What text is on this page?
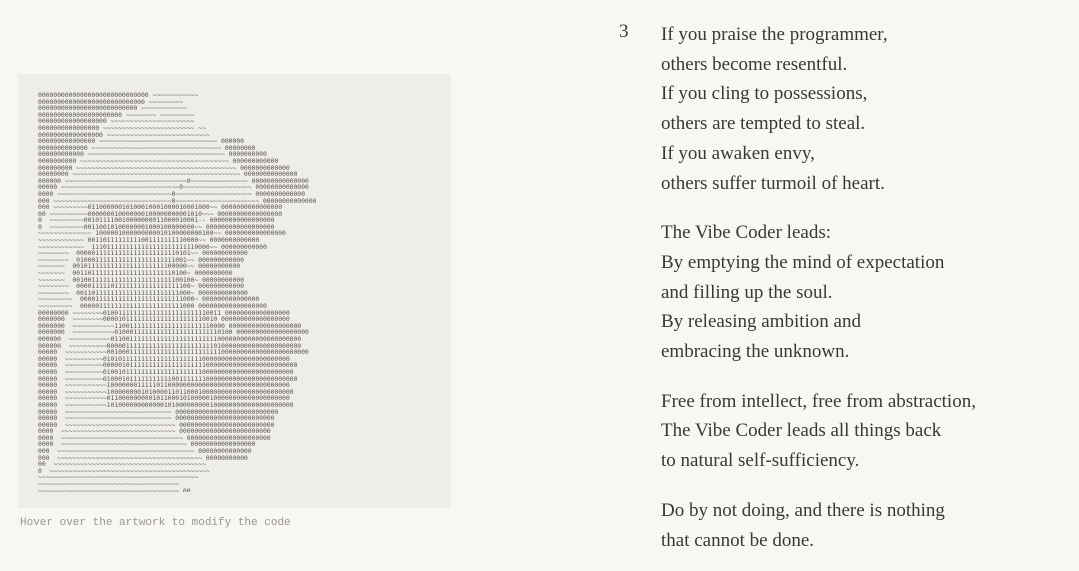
00000000000000000000000000000 ~~~~~~~~~~~~
0000000000000000000000000000 ~~~~~~~~~
00000000000000000000000000 ~~~~~~~~~~~~
0000000000000000000000 ~~~~~~~~ ~~~~~~~~~
000000000000000000 ~~~~~~~~~~~~~~~~~~~~~~
0000000000000000 ~~~~~~~~~~~~~~~~~~~~~~~~ ~~
00000000000000000 ~~~~~~~~~~~~~~~~~~~~~~~~~~~
000000000000000 ~~~~~~~~~~~~~~~~~~~~~~~~~~~~~~~ 000000
0000000000000 ~~~~~~~~~~~~~~~~~~~~~~~~~~~~~~~~~~ 00000000
000000000000 ~~~~~~~~~~~~~~~~~~~~~~~~~~~~~~~~~~~~ 0000000000
0000000000 ~~~~~~~~~~~~~~~~~~~~~~~~~~~~~~~~~~~~~~~ 000000000000
000000000 ~~~~~~~~~~~~~~~~~~~~~~~~~~~~~~~~~~~~~~~~~~ 0000000000000
00000000 ~~~~~~~~~~~~~~~~~~~~~~~~~~~~~~~~~~~~~~~~~~~~ 00000000000000
000000 ~~~~~~~~~~~~~~~~~~~~~~~~~~~~~~~~0~~~~~~~~~~~~~~~ 000000000000000
00000 ~~~~~~~~~~~~~~~~~~~~~~~~~~~~~~~0~~~~~~~~~~~~~~~~~~ 00000000000000
0000 ~~~~~~~~~~~~~~~~~~~~~~~~~~~~~~0~~~~~~~~~~~~~~~~~~~~ 0000000000000
000 ~~~~~~~~~~~~~~~~~~~~~~~~~~~~~~~0~~~~~~~~~~~~~~~~~~~~~~ 00000000000000
000 ~~~~~~~~~01100000010100010001000010001000~~ 0000000000000000
00 ~~~~~~~~~~000000010000000100000000001010~~~ 00000000000000000
0  ~~~~~~~~~001011110010000000011000010001-- 00000000000000000
0  ~~~~~~~~~00110010100000001000100000000~~ 000000000000000000
~~~~~~~~~~~~~~ 1000001000000000010100000000100~~ 0000000000000000
~~~~~~~~~~~~ 00110111111111001111111110000~~ 0000000000000
~~~~~~~~~~~~  1110111111111111111111111110000~~ 000000000000
~~~~~~~~  000001111111111111111111110101~~ 000000000000
~~~~~~~~  01000111111111111111111111001~~ 000000000000
~~~~~~~  001011111111111111111111100000~~ 00000000000
~~~~~~~  001101111111111111111111110100~ 0000000000
~~~~~~~  00100111111111111111111111100100~ 00000000000
~~~~~~~~  000011111011111111111111111100~ 000000000000
~~~~~~~~  001101111111111111111111111000~ 0000000000000
~~~~~~~~~  000011111111111111111111111000~ 000000000000000
~~~~~~~~~  000001111111111111111111111000 000000000000000000
00000000 ~~~~~~~~0100111111111111111111111110011 00000000000000000
0000000  ~~~~~~~~000010111111111111111111110010 000000000000000000
0000000  ~~~~~~~~~~~11001111111111111111111110000 0000000000000000000
0000000  ~~~~~~~~~~~0100011111111111111111111110100 0000000000000000000
000000  ~~~~~~~~~~~01100111111111111111111111110000000000000000000000
000000  ~~~~~~~~~~000001111111111111111111111101000000000000000000000
00000  ~~~~~~~~~~~00100011111111111111111111111100000000000000000000000
00000  ~~~~~~~~~~0101011111111111111111111100000000000000000000000
00000  ~~~~~~~~~~000001011111111111111111111000000000000000000000000
00000  ~~~~~~~~~~01001011111111111111111111000000000000000000000000
00000  ~~~~~~~~~~010001011111111111001111111000000000000000000000000
00000  ~~~~~~~~~~~100000001111101100000000000000000000000000000000
00000  ~~~~~~~~~~~1000000001010000110110001000000000000000000000000
00000  ~~~~~~~~~~~011000000000101100010100000100000000000000000000
00000  ~~~~~~~~~~~1010000000000001010000000001000000000000000000000
00000  ~~~~~~~~~~~~~~~~~~~~~~~~~~~~ 000000000000000000000000000
00000  ~~~~~~~~~~~~~~~~~~~~~~~~~~~~ 00000000000000000000000000
00000  ~~~~~~~~~~~~~~~~~~~~~~~~~~~~~ 0000000000000000000000000
0000  ~~~~~~~~~~~~~~~~~~~~~~~~~~~~~~ 000000000000000000000000
0000  ~~~~~~~~~~~~~~~~~~~~~~~~~~~~~~~~ 0000000000000000000000
0000  ~~~~~~~~~~~~~~~~~~~~~~~~~~~~~~~~~ 00000000000000000
000  ~~~~~~~~~~~~~~~~~~~~~~~~~~~~~~~~~~~~ 00000000000000
000  ~~~~~~~~~~~~~~~~~~~~~~~~~~~~~~~~~~~~~~ 00000000000
00  ~~~~~~~~~~~~~~~~~~~~~~~~~~~~~~~~~~~~~~~~
0  ~~~~~~~~~~~~~~~~~~~~~~~~~~~~~~~~~~~~~~~~~~
~~~~~~~~~~~~~~~~~~~~~~~~~~~~~~~~~~~~~~~~~~
~~~~~~~~~~~~~~~~~~~~~~~~~~~~~~~~~~~~~
~~~~~~~~~~~~~~~~~~~~~~~~~~~~~~~~~~~~~ 00

Hover over the artwork to modify the code

3 If you praise the programmer,
others become resentful.
If you cling to possessions,
others are tempted to steal.
If you awaken envy,
others suffer turmoil of heart.
The Vibe Coder leads:
By emptying the mind of expectation
and filling up the soul.
By releasing ambition and
embracing the unknown.
Free from intellect, free from abstraction,
The Vibe Coder leads all things back
to natural self-sufficiency.
Do by not doing, and there is nothing
that cannot be done.
